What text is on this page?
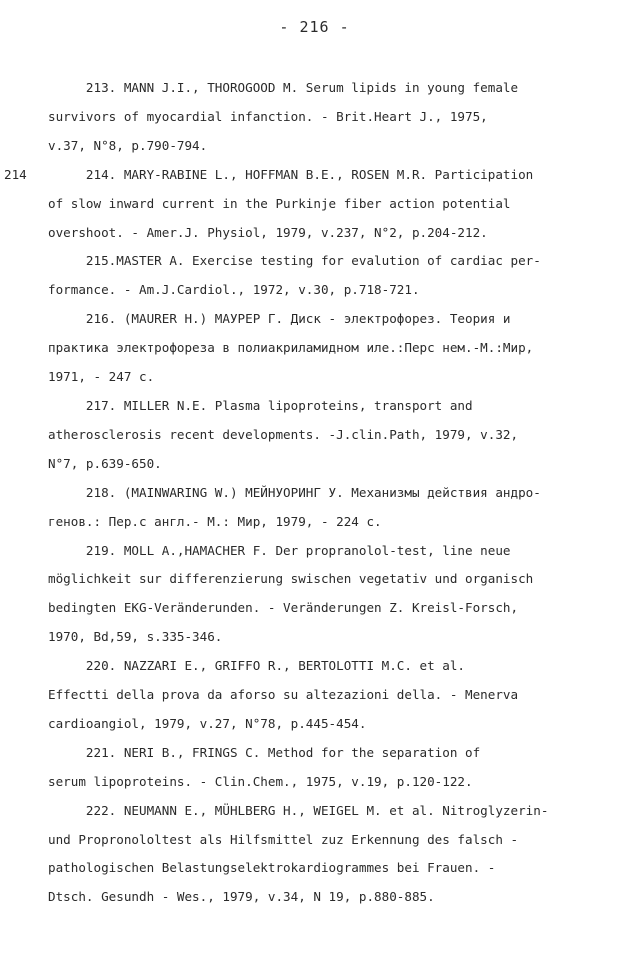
- 216 -
213. MANN J.I., THOROGOOD M. Serum lipids in young female
survivors of myocardial infanction. - Brit.Heart J., 1975,
v.37, N°8, p.790-794.
214 214. MARY-RABINE L., HOFFMAN B.E., ROSEN M.R. Participation
of slow inward current in the Purkinje fiber action potential
overshoot. - Amer.J. Physiol, 1979, v.237, N°2, p.204-212.
215.MASTER A. Exercise testing for evalution of cardiac per-
formance. - Am.J.Cardiol., 1972, v.30, p.718-721.
216. (MAURER H.) МАУРЕР Г. Диск - электрофорез. Теория и
практика электрофореза в полиакриламидном иле.:Перс нем.-М.:Мир,
1971, - 247 с.
217. MILLER N.E. Plasma lipoproteins, transport and
atherosclerosis recent developments. -J.clin.Path, 1979, v.32,
N°7, p.639-650.
218. (MAINWARING W.) МЕЙНУОРИНГ У. Механизмы действия андро-
генов.: Пер.с англ.- М.: Мир, 1979, - 224 с.
219. MOLL A.,HAMACHER F. Der propranolol-test, line neue
möglichkeit sur differenzierung swischen vegetativ und organisch
bedingten EKG-Veränderunden. - Veränderungen Z. Kreisl-Forsch,
1970, Bd,59, s.335-346.
220. NAZZARI E., GRIFFO R., BERTOLOTTI M.C. et al.
Effectti della prova da aforso su altezazioni della. - Menerva
cardioangiol, 1979, v.27, N°78, p.445-454.
221. NERI B., FRINGS C. Method for the separation of
serum lipoproteins. - Clin.Chem., 1975, v.19, p.120-122.
222. NEUMANN E., MÜHLBERG H., WEIGEL M. et al. Nitroglyzerin-
und Propronololtest als Hilfsmittel zuz Erkennung des falsch -
pathologischen Belastungselektrokardiogrammes bei Frauen. -
Dtsch. Gesundh - Wes., 1979, v.34, N 19, p.880-885.
